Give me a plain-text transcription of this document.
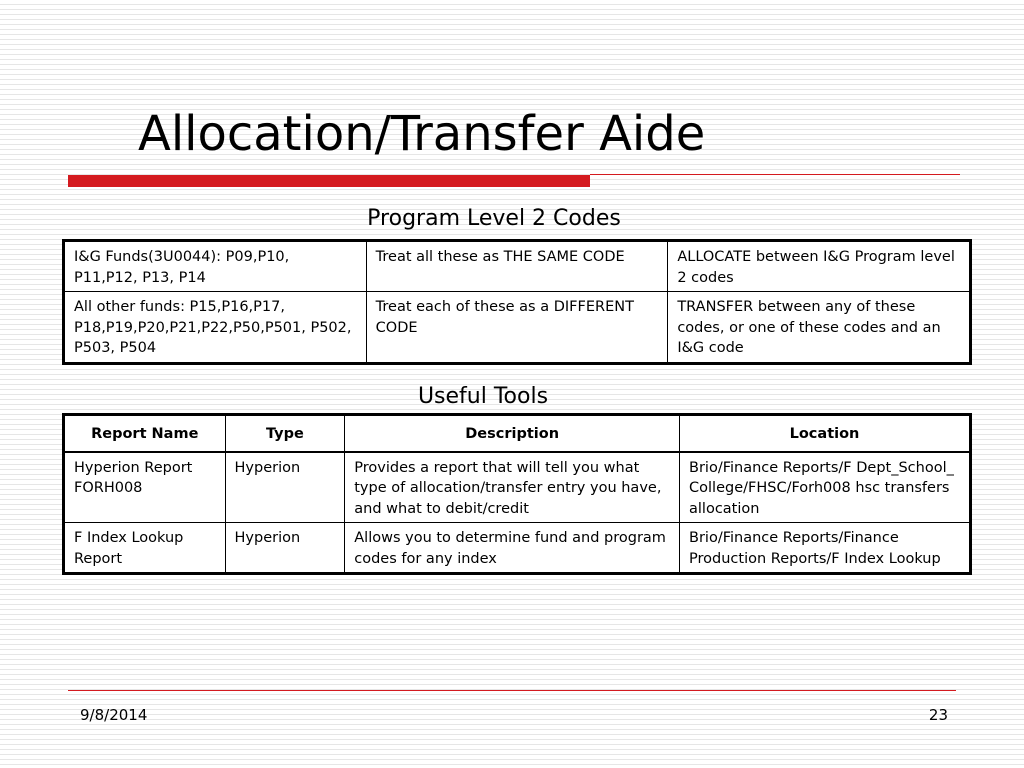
Allocation/Transfer Aide
Program Level 2 Codes
I&G Funds(3U0044): P09,P10, P11,P12, P13, P14	Treat all these as THE SAME CODE	ALLOCATE between I&G Program level 2 codes
All other funds: P15,P16,P17, P18,P19,P20,P21,P22,P50,P501, P502, P503, P504	Treat each of these as a DIFFERENT CODE	TRANSFER between any of these codes, or one of these codes and an I&G code
Useful Tools
Report Name	Type	Description	Location
Hyperion Report FORH008	Hyperion	Provides a report that will tell you what type of allocation/transfer entry you have, and what to debit/credit	Brio/Finance Reports/F Dept_School_College/FHSC/Forh008 hsc transfers allocation
F Index Lookup Report	Hyperion	Allows you to determine fund and program codes for any index	Brio/Finance Reports/Finance Production Reports/F Index Lookup
9/8/2014	23
